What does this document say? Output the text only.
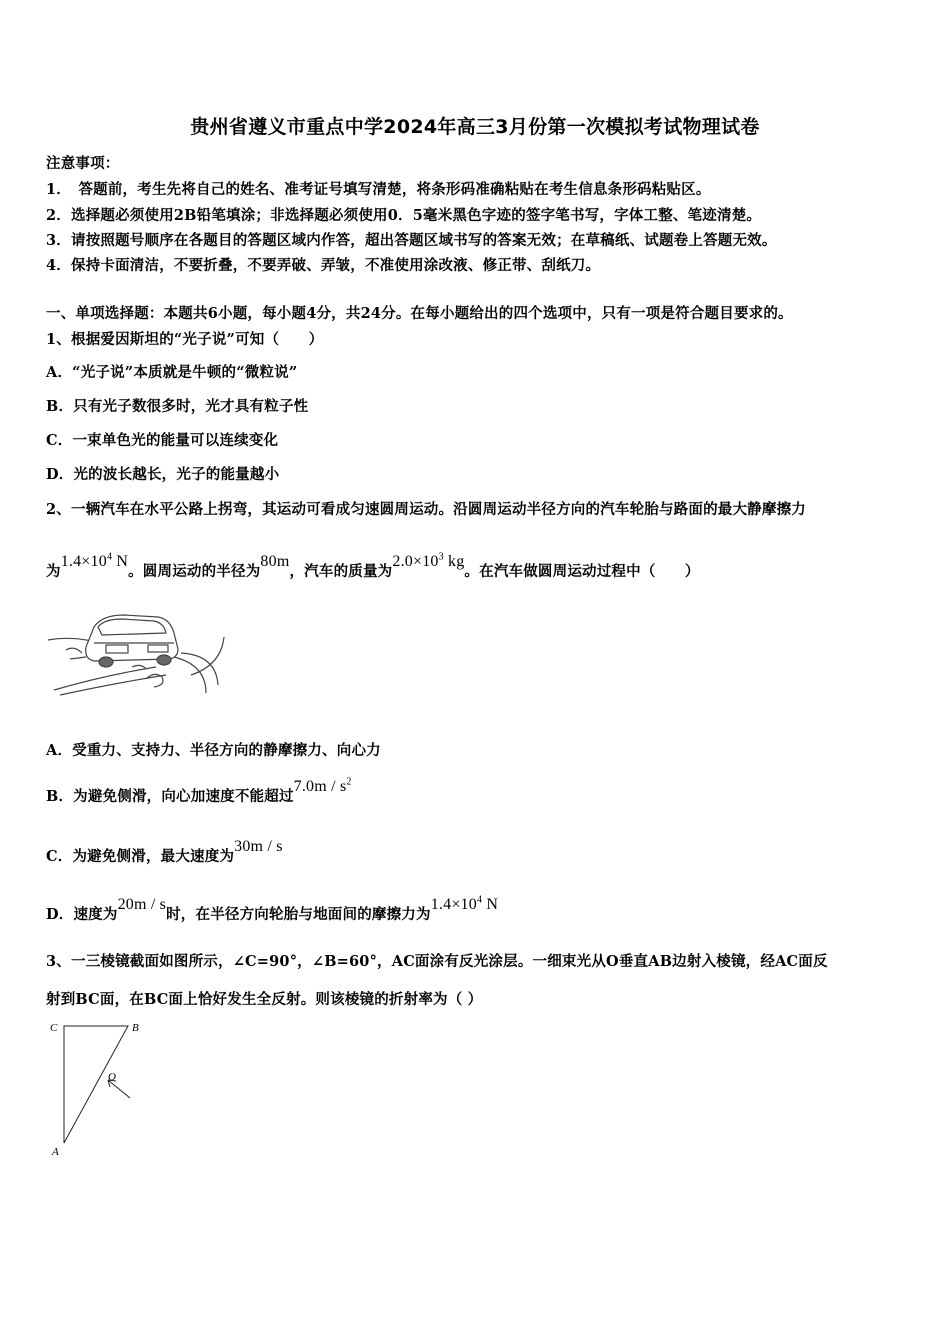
贵州省遵义市重点中学2024年高三3月份第一次模拟考试物理试卷
注意事项：
1．　答题前，考生先将自己的姓名、准考证号填写清楚，将条形码准确粘贴在考生信息条形码粘贴区。
2．选择题必须使用2B铅笔填涂；非选择题必须使用0．5毫米黑色字迹的签字笔书写，字体工整、笔迹清楚。
3．请按照题号顺序在各题目的答题区域内作答，超出答题区域书写的答案无效；在草稿纸、试题卷上答题无效。
4．保持卡面清洁，不要折叠，不要弄破、弄皱，不准使用涂改液、修正带、刮纸刀。
一、单项选择题：本题共6小题，每小题4分，共24分。在每小题给出的四个选项中，只有一项是符合题目要求的。
1、根据爱因斯坦的“光子说”可知（　　）
A．“光子说”本质就是牛顿的“微粒说”
B．只有光子数很多时，光才具有粒子性
C．一束单色光的能量可以连续变化
D．光的波长越长，光子的能量越小
2、一辆汽车在水平公路上拐弯，其运动可看成匀速圆周运动。沿圆周运动半径方向的汽车轮胎与路面的最大静摩擦力
为$1.4\times 10^4$ N。圆周运动的半径为80m，汽车的质量为$2.0\times 10^3$ kg。在汽车做圆周运动过程中（　　）
A．受重力、支持力、半径方向的静摩擦力、向心力
B．为避免侧滑，向心加速度不能超过$7.0m / s^2$
C．为避免侧滑，最大速度为30m / s
D．速度为20m / s时，在半径方向轮胎与地面间的摩擦力为$1.4\times 10^4$ N
3、一三棱镜截面如图所示，∠C=90°，∠B=60°，AC面涂有反光涂层。一细束光从O垂直AB边射入棱镜，经AC面反
射到BC面，在BC面上恰好发生全反射。则该棱镜的折射率为（ ）
C	B
A
O
